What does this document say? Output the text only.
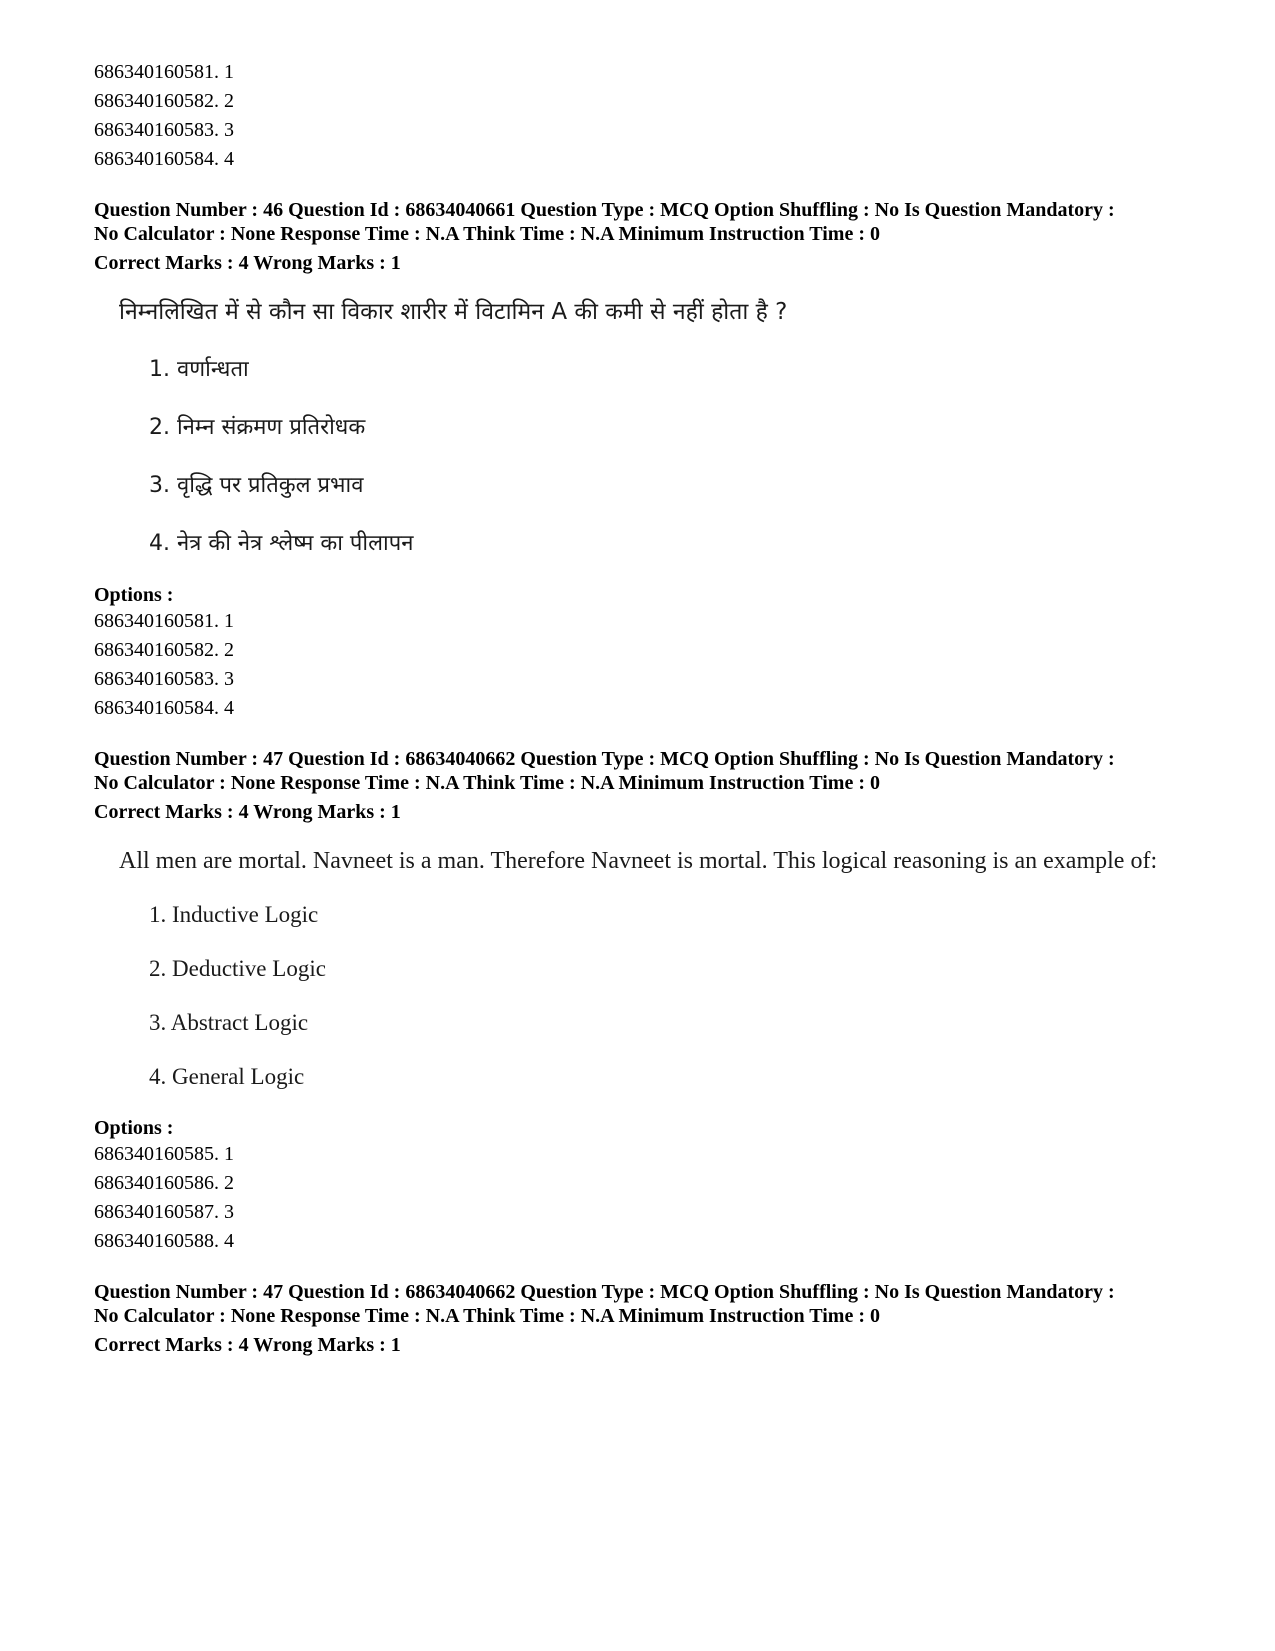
686340160581. 1
686340160582. 2
686340160583. 3
686340160584. 4
Question Number : 46 Question Id : 68634040661 Question Type : MCQ Option Shuffling : No Is Question Mandatory :
No Calculator : None Response Time : N.A Think Time : N.A Minimum Instruction Time : 0
Correct Marks : 4 Wrong Marks : 1
निम्नलिखित में से कौन सा विकार शारीर में विटामिन A की कमी से नहीं होता है ?
1. वर्णान्धता
2. निम्न संक्रमण प्रतिरोधक
3. वृद्धि पर प्रतिकुल प्रभाव
4. नेत्र की नेत्र श्लेष्म का पीलापन
Options :
686340160581. 1
686340160582. 2
686340160583. 3
686340160584. 4
Question Number : 47 Question Id : 68634040662 Question Type : MCQ Option Shuffling : No Is Question Mandatory :
No Calculator : None Response Time : N.A Think Time : N.A Minimum Instruction Time : 0
Correct Marks : 4 Wrong Marks : 1
All men are mortal. Navneet is a man. Therefore Navneet is mortal. This logical reasoning is an example of:
1. Inductive Logic
2. Deductive Logic
3. Abstract Logic
4. General Logic
Options :
686340160585. 1
686340160586. 2
686340160587. 3
686340160588. 4
Question Number : 47 Question Id : 68634040662 Question Type : MCQ Option Shuffling : No Is Question Mandatory :
No Calculator : None Response Time : N.A Think Time : N.A Minimum Instruction Time : 0
Correct Marks : 4 Wrong Marks : 1
